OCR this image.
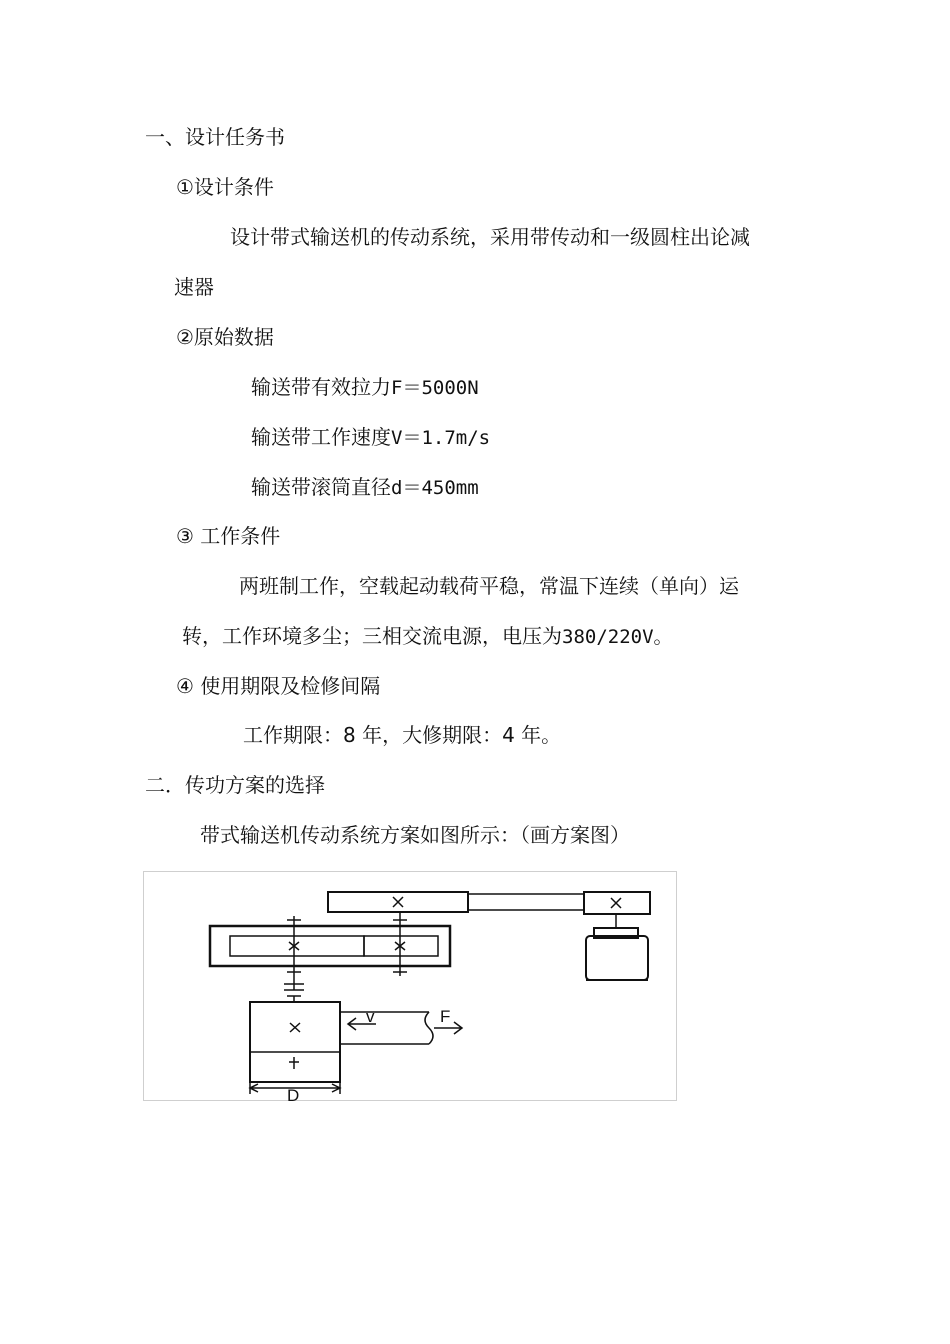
一、设计任务书
①设计条件
设计带式输送机的传动系统，采用带传动和一级圆柱出论减
速器
②原始数据
输送带有效拉力F＝5000N
输送带工作速度V＝1.7m/s
输送带滚筒直径d＝450mm
③ 工作条件
两班制工作，空载起动载荷平稳，常温下连续（单向）运
转，工作环境多尘；三相交流电源，电压为380/220V。
④ 使用期限及检修间隔
工作期限：8 年，大修期限：4 年。
二．传功方案的选择
带式输送机传动系统方案如图所示：（画方案图）
v	F
D
